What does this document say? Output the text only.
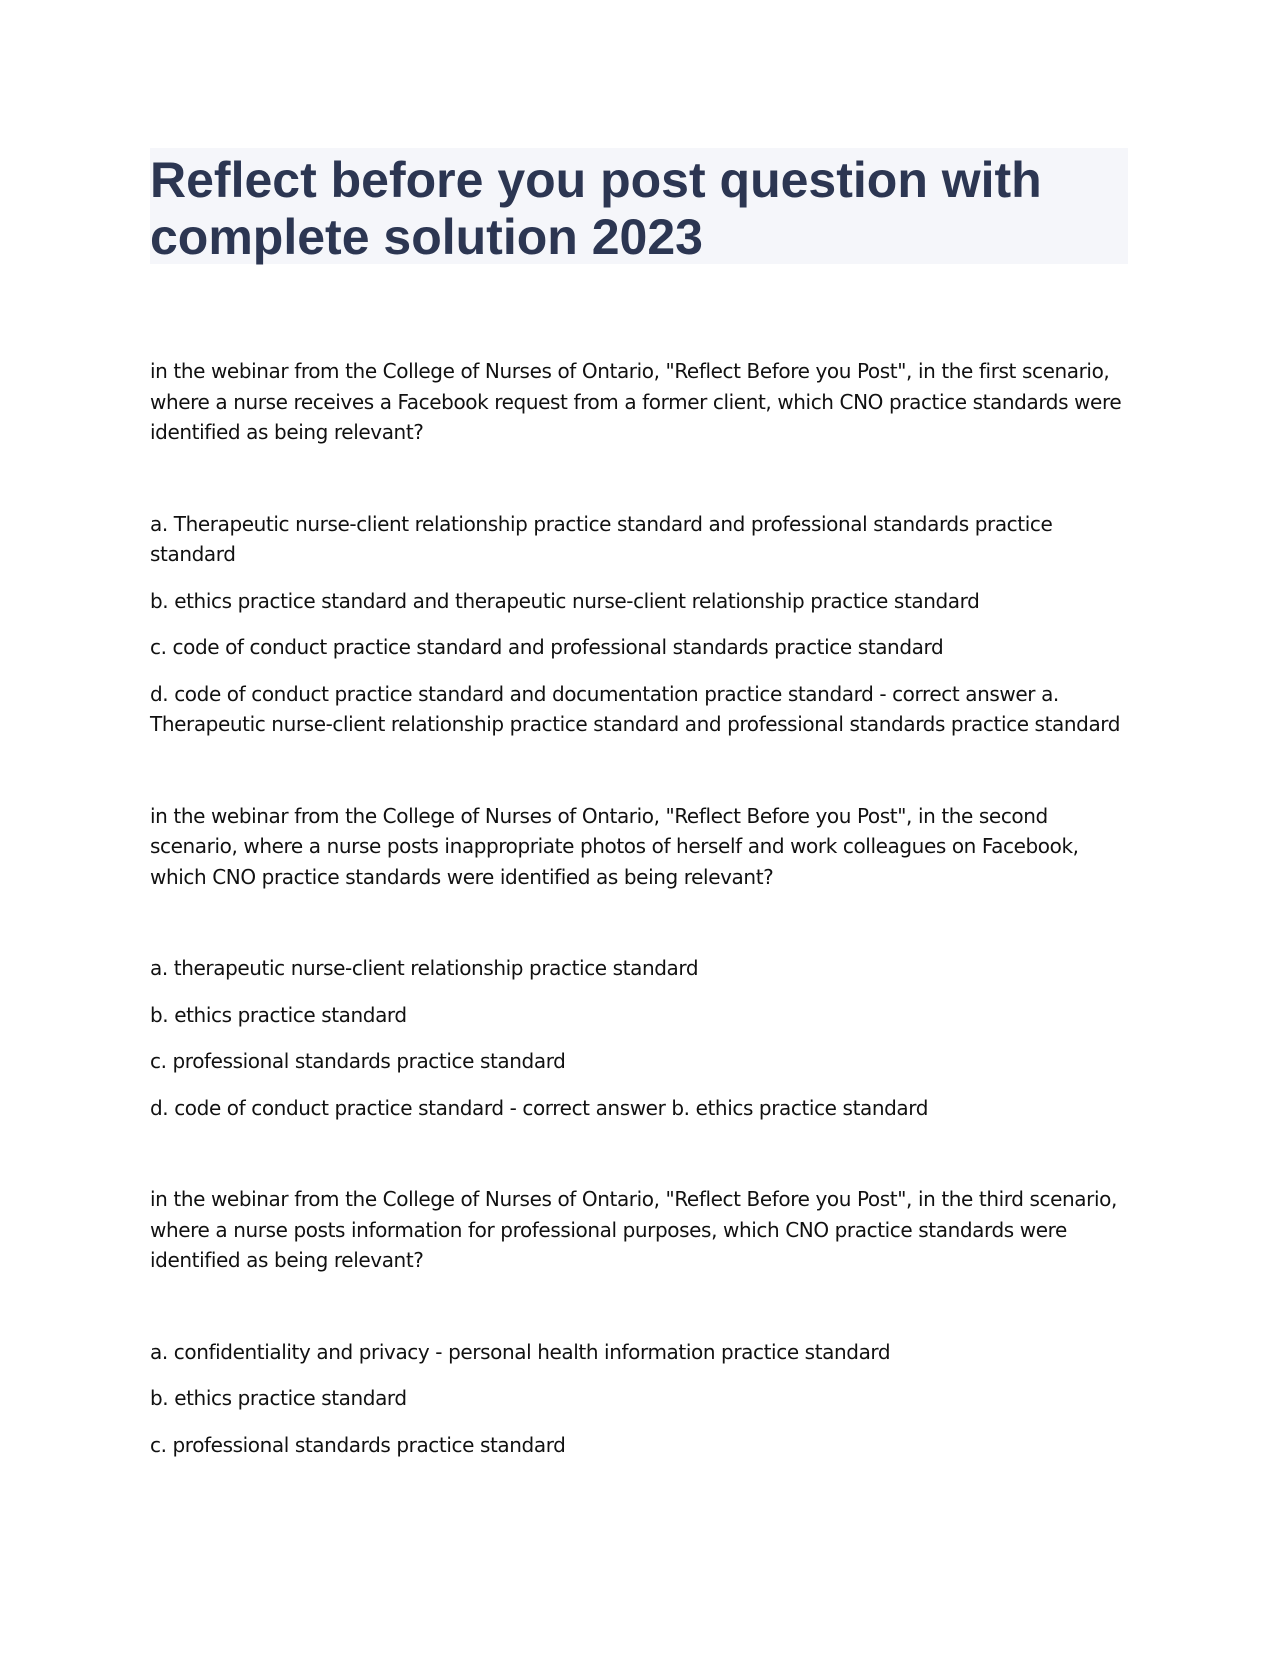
Reflect before you post question with complete solution 2023

in the webinar from the College of Nurses of Ontario, "Reflect Before you Post", in the first scenario, where a nurse receives a Facebook request from a former client, which CNO practice standards were identified as being relevant?

a. Therapeutic nurse-client relationship practice standard and professional standards practice standard

b. ethics practice standard and therapeutic nurse-client relationship practice standard

c. code of conduct practice standard and professional standards practice standard

d. code of conduct practice standard and documentation practice standard - correct answer a. Therapeutic nurse-client relationship practice standard and professional standards practice standard

in the webinar from the College of Nurses of Ontario, "Reflect Before you Post", in the second scenario, where a nurse posts inappropriate photos of herself and work colleagues on Facebook, which CNO practice standards were identified as being relevant?

a. therapeutic nurse-client relationship practice standard

b. ethics practice standard

c. professional standards practice standard

d. code of conduct practice standard - correct answer b. ethics practice standard

in the webinar from the College of Nurses of Ontario, "Reflect Before you Post", in the third scenario, where a nurse posts information for professional purposes, which CNO practice standards were identified as being relevant?

a. confidentiality and privacy - personal health information practice standard

b. ethics practice standard

c. professional standards practice standard
